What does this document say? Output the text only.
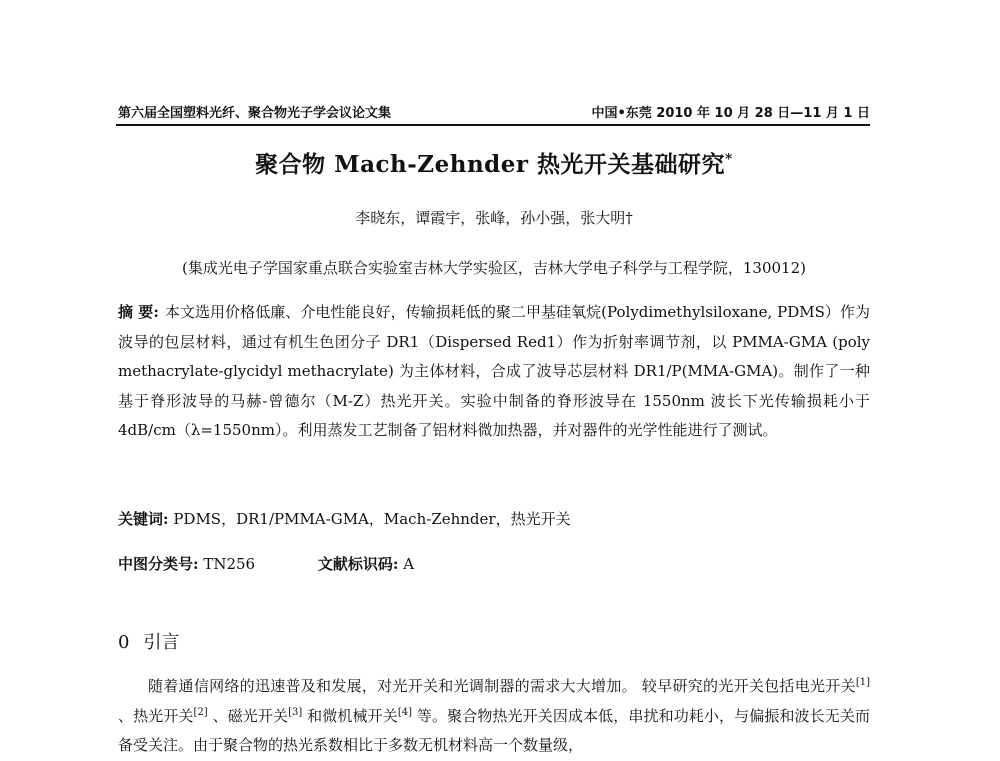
第六届全国塑料光纤、聚合物光子学会议论文集	中国•东莞 2010 年 10 月 28 日—11 月 1 日
聚合物 Mach-Zehnder 热光开关基础研究*
李晓东，谭霞宇，张峰，孙小强，张大明†
(集成光电子学国家重点联合实验室吉林大学实验区，吉林大学电子科学与工程学院，130012)
摘 要: 本文选用价格低廉、介电性能良好，传输损耗低的聚二甲基硅氧烷(Polydimethylsiloxane, PDMS）作为波导的包层材料，通过有机生色团分子 DR1（Dispersed Red1）作为折射率调节剂，以 PMMA-GMA (poly methacrylate-glycidyl methacrylate) 为主体材料，合成了波导芯层材料 DR1/P(MMA-GMA)。制作了一种基于脊形波导的马赫-曾德尔（M-Z）热光开关。实验中制备的脊形波导在 1550nm 波长下光传输损耗小于 4dB/cm（λ=1550nm）。利用蒸发工艺制备了铝材料微加热器，并对器件的光学性能进行了测试。
关键词: PDMS，DR1/PMMA-GMA，Mach-Zehnder，热光开关
中图分类号: TN256	文献标识码: A
0 引言
随着通信网络的迅速普及和发展，对光开关和光调制器的需求大大增加。 较早研究的光开关包括电光开关[1] 、热光开关[2] 、磁光开关[3] 和微机械开关[4] 等。聚合物热光开关因成本低，串扰和功耗小，与偏振和波长无关而备受关注。由于聚合物的热光系数相比于多数无机材料高一个数量级，
